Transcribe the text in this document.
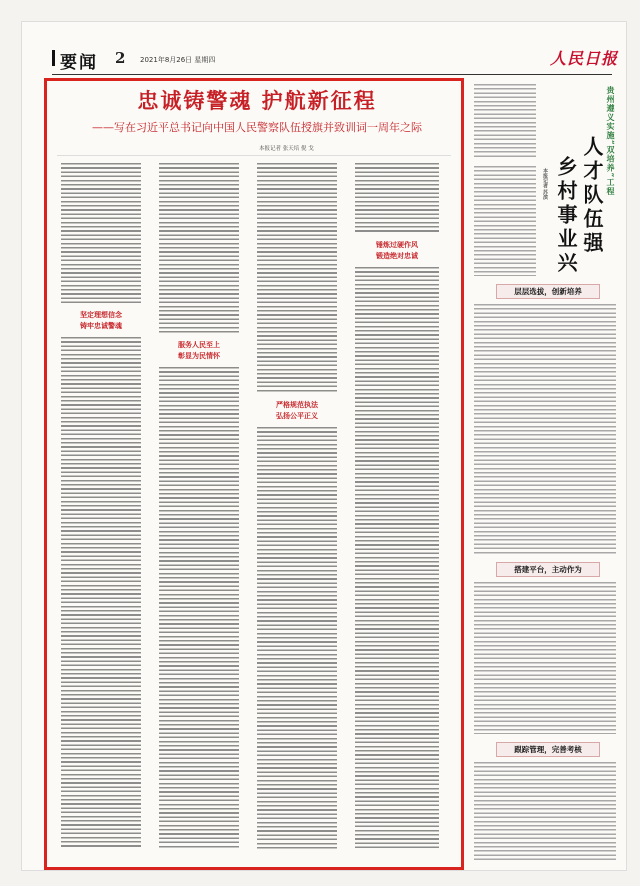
要闻 2 2021年8月26日 星期四	人民日报
忠诚铸警魂 护航新征程
——写在习近平总书记向中国人民警察队伍授旗并致训词一周年之际
本报记者 张天培 倪 戈
坚定理想信念
铸牢忠诚警魂
服务人民至上
彰显为民情怀
严格规范执法
弘扬公平正义
锤炼过硬作风
锻造绝对忠诚
贵州遵义实施“双培养”工程
人才队伍强
乡村事业兴
本报记者 苏滨
层层选拔，创新培养
搭建平台，主动作为
跟踪管理，完善考核
